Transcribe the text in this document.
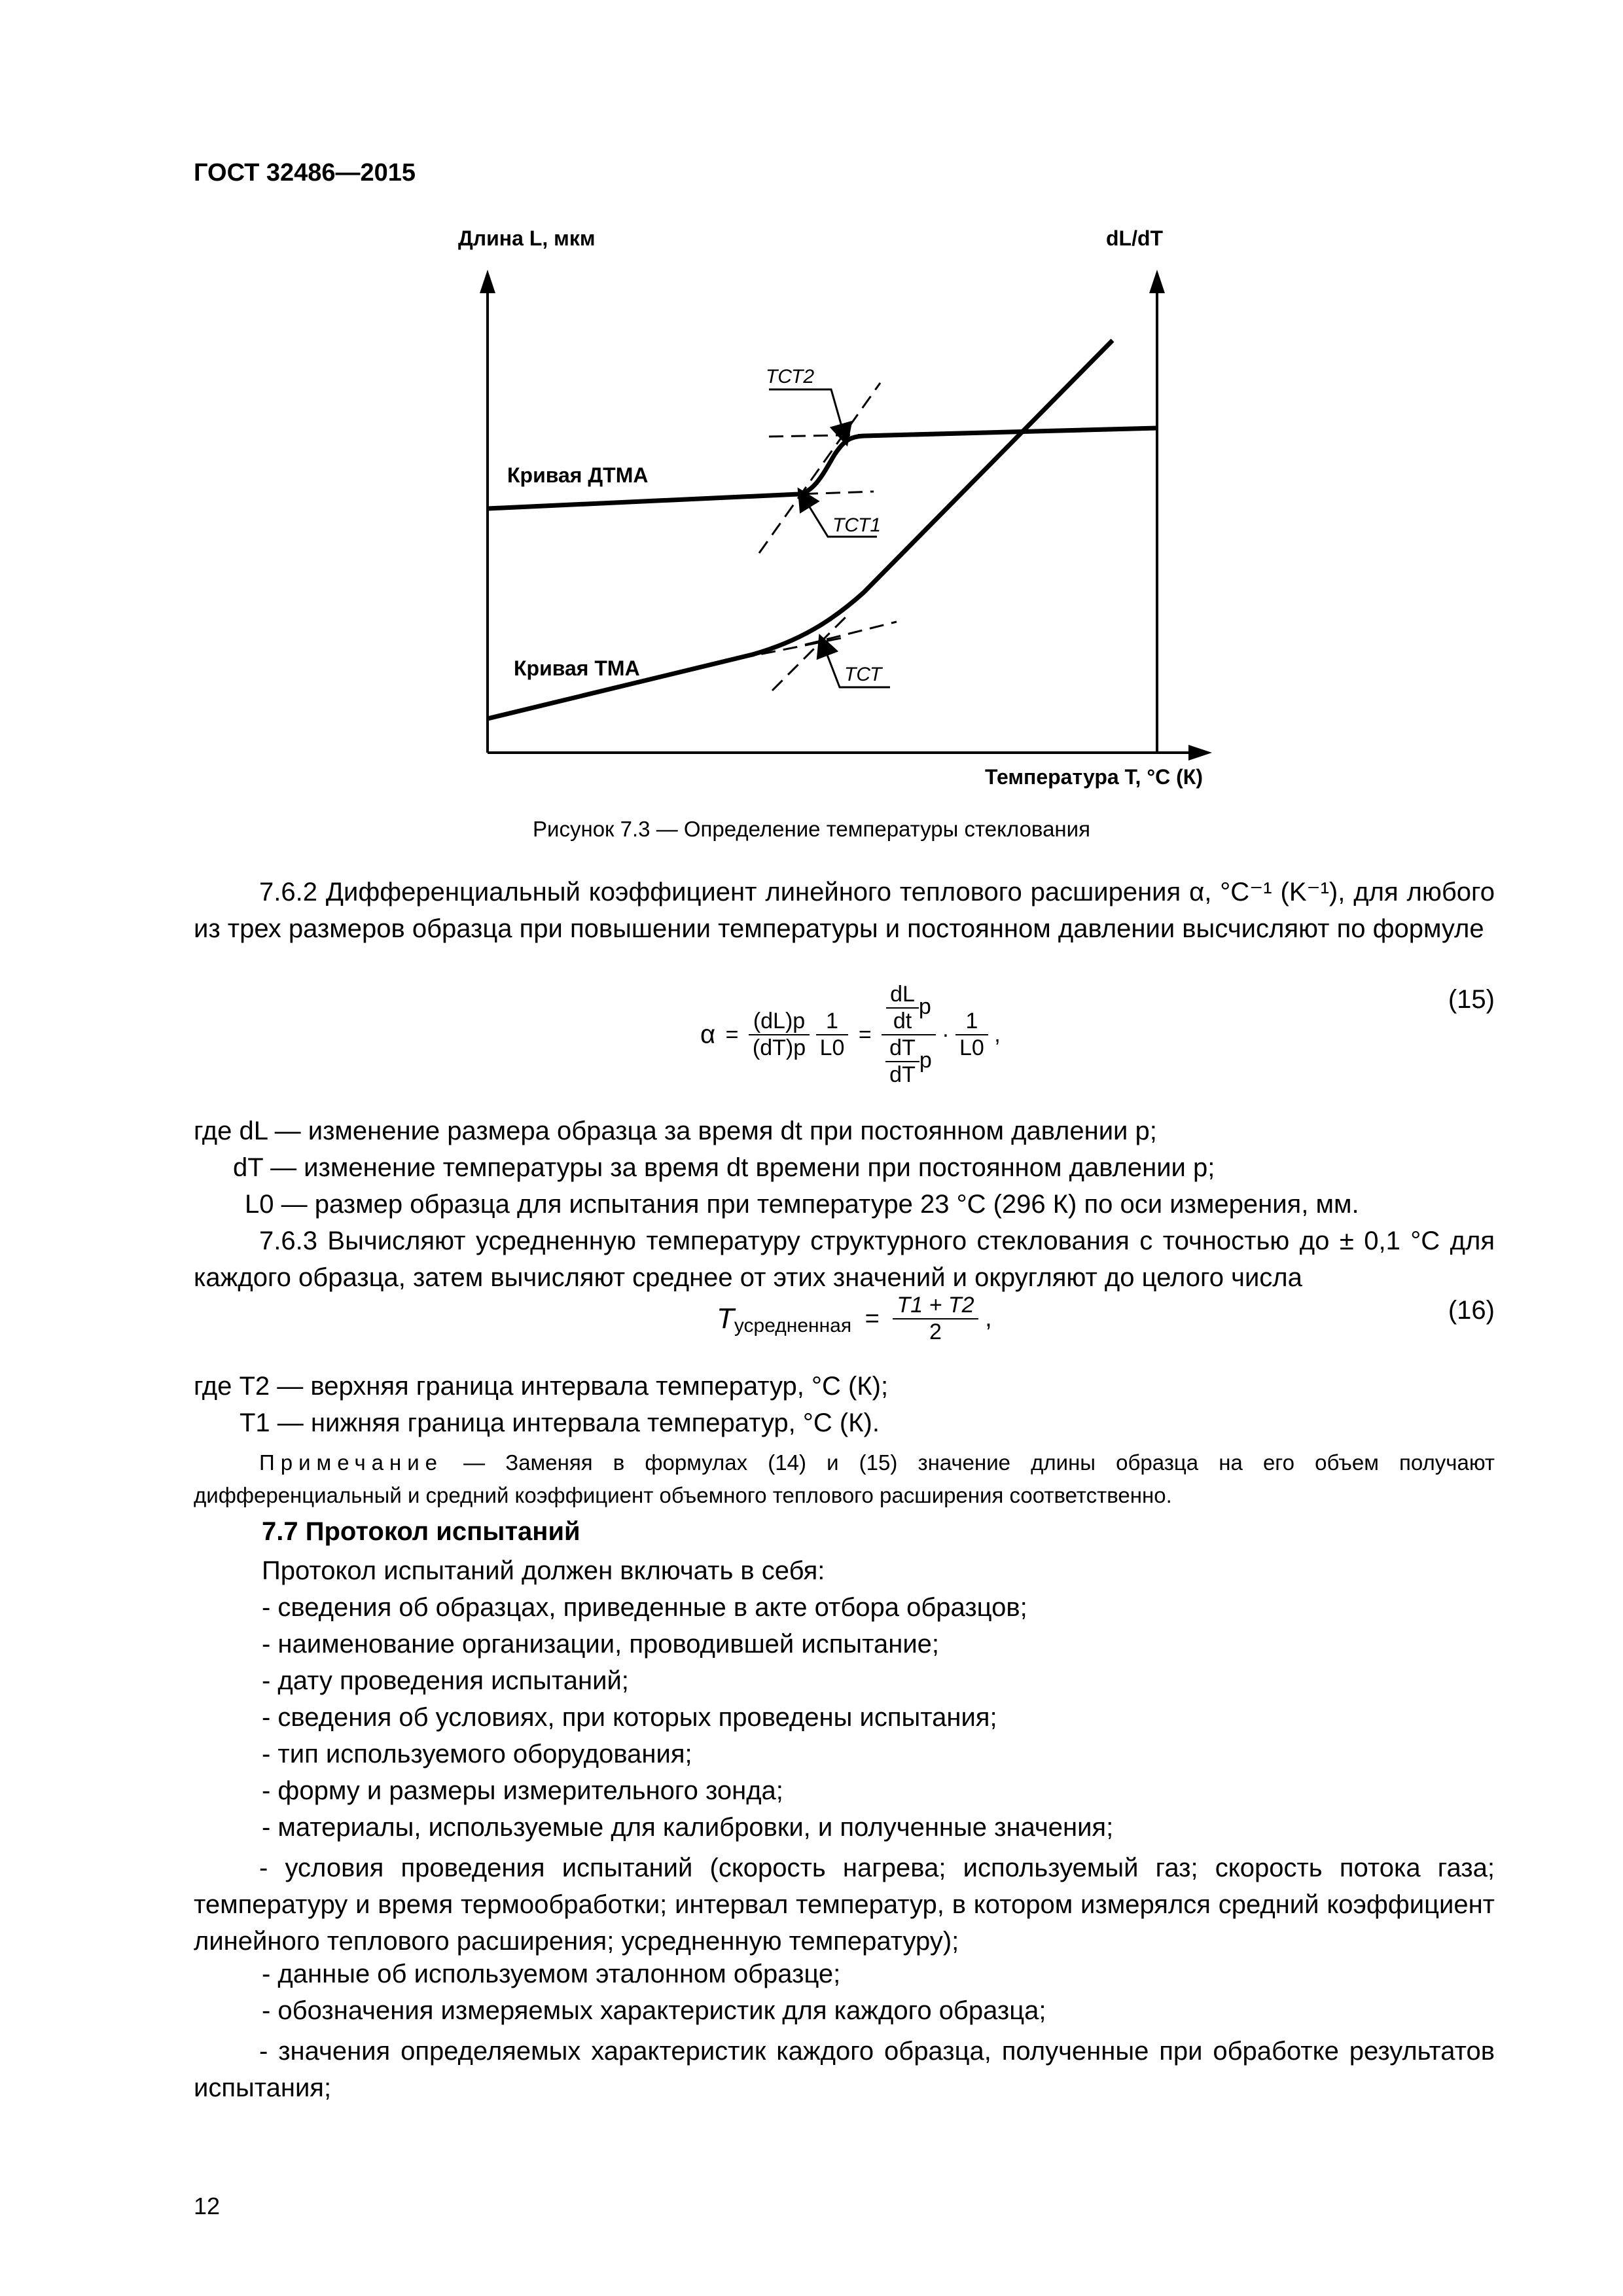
ГОСТ 32486—2015
Длина L, мкм	dL/dT
Температура T, °С (К)
Кривая ДТМА
Кривая ТМА
TСТ2
TСТ1
TСТ
Рисунок 7.3 — Определение температуры стеклования
7.6.2 Дифференциальный коэффициент линейного теплового расширения α, °C⁻¹ (K⁻¹), для любого из трех размеров образца при повышении температуры и постоянном давлении высчисляют по формуле
$\alpha = \frac{(dL)p}{(dT)p}$
$\frac{1}{L0} = \frac{\frac{dL}{dt} p}{\frac{dT}{dT} p} \cdot \frac{1}{L0}$ ,
(15)
где dL — изменение размера образца за время dt при постоянном давлении p;
dT — изменение температуры за время dt времени при постоянном давлении p;
L0 — размер образца для испытания при температуре 23 °C (296 К) по оси измерения, мм.
7.6.3 Вычисляют усредненную температуру структурного стеклования с точностью до ± 0,1 °C для каждого образца, затем вычисляют среднее от этих значений и округляют до целого числа
$T_{усредненная} = \frac{T1 + T2}{2}$ ,	(16)
где T2 — верхняя граница интервала температур, °C (К);
T1 — нижняя граница интервала температур, °C (К).
Примечание — Заменяя в формулах (14) и (15) значение длины образца на его объем получают дифференциальный и средний коэффициент объемного теплового расширения соответственно.
7.7 Протокол испытаний
Протокол испытаний должен включать в себя:
- сведения об образцах, приведенные в акте отбора образцов;
- наименование организации, проводившей испытание;
- дату проведения испытаний;
- сведения об условиях, при которых проведены испытания;
- тип используемого оборудования;
- форму и размеры измерительного зонда;
- материалы, используемые для калибровки, и полученные значения;
- условия проведения испытаний (скорость нагрева; используемый газ; скорость потока газа; температуру и время термообработки; интервал температур, в котором измерялся средний коэффициент линейного теплового расширения; усредненную температуру);
- данные об используемом эталонном образце;
- обозначения измеряемых характеристик для каждого образца;
- значения определяемых характеристик каждого образца, полученные при обработке результатов испытания;
12
